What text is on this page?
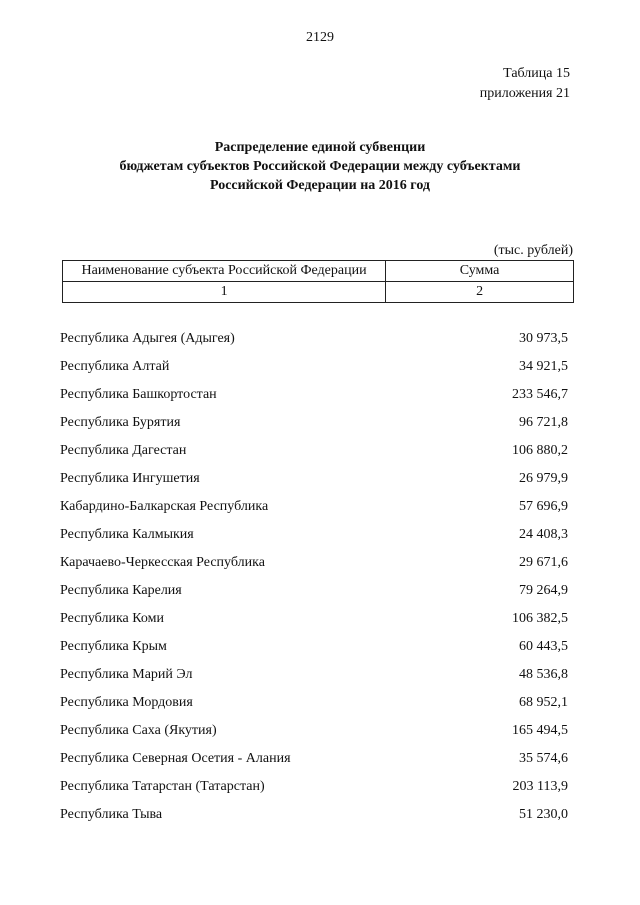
2129
Таблица 15
приложения 21
Распределение единой субвенции
бюджетам субъектов Российской Федерации между субъектами
Российской Федерации на 2016 год
(тыс. рублей)
Наименование субъекта Российской Федерации	Сумма
1	2
Республика Адыгея (Адыгея)	30 973,5
Республика Алтай	34 921,5
Республика Башкортостан	233 546,7
Республика Бурятия	96 721,8
Республика Дагестан	106 880,2
Республика Ингушетия	26 979,9
Кабардино-Балкарская Республика	57 696,9
Республика Калмыкия	24 408,3
Карачаево-Черкесская Республика	29 671,6
Республика Карелия	79 264,9
Республика Коми	106 382,5
Республика Крым	60 443,5
Республика Марий Эл	48 536,8
Республика Мордовия	68 952,1
Республика Саха (Якутия)	165 494,5
Республика Северная Осетия - Алания	35 574,6
Республика Татарстан (Татарстан)	203 113,9
Республика Тыва	51 230,0
